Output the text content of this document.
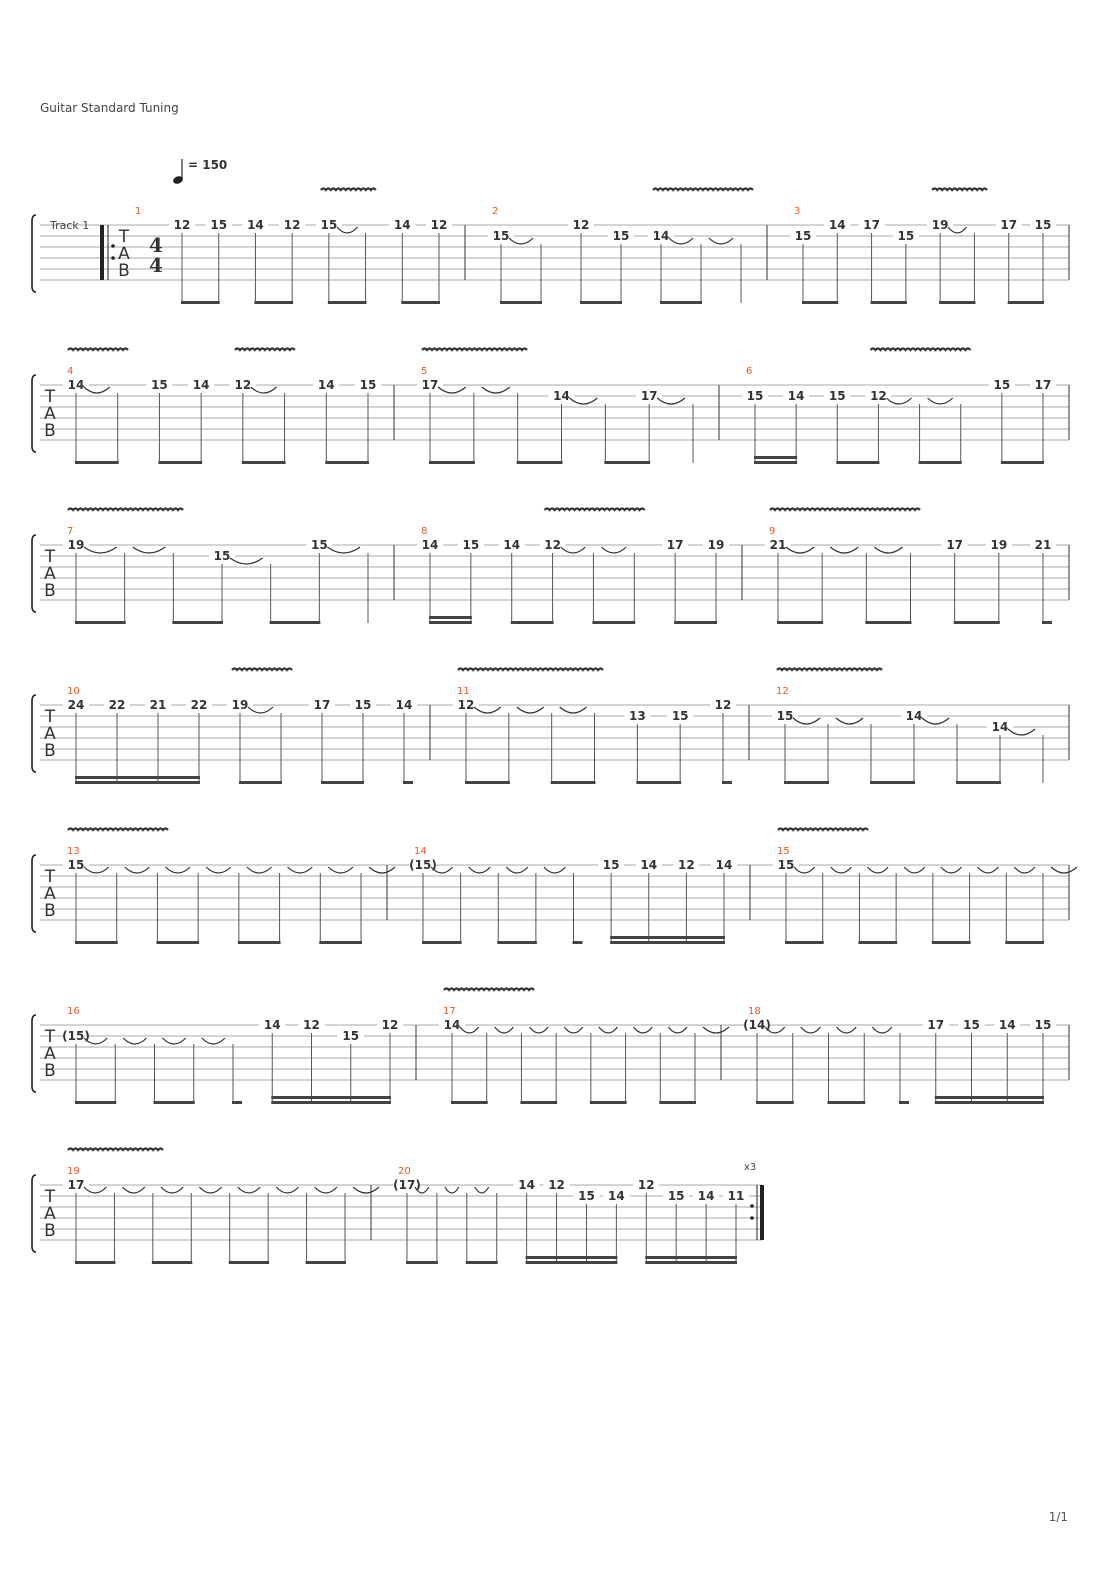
Guitar Standard Tuning
T
A
B
1
12 15 14 12 15	14 12
2
15
12
15 14
3
15
14 17
15
19	17 15
T
A
B
4
14	15 14 12	14 15
5
17
14	17
6
15 14 15 12
15 17
T
A
B
7
19
15
15
8
14 15 14 12	17 19
9
21	17 19 21
T
A
B
10
24 22 21 22 19	17 15 14
11
12
13 15
12
12
15	14
14
T
A
B
13
15
14
(15)	15 14 12 14
15
15
T
A
B
16
(15)
14 12
15
12
17
14
18
(14)	17 15 14 15
T
A
B
19
17
20
(17)	14 12
15 14
12
15 14 11
Track 1
4
4
= 150
x3
1/1
